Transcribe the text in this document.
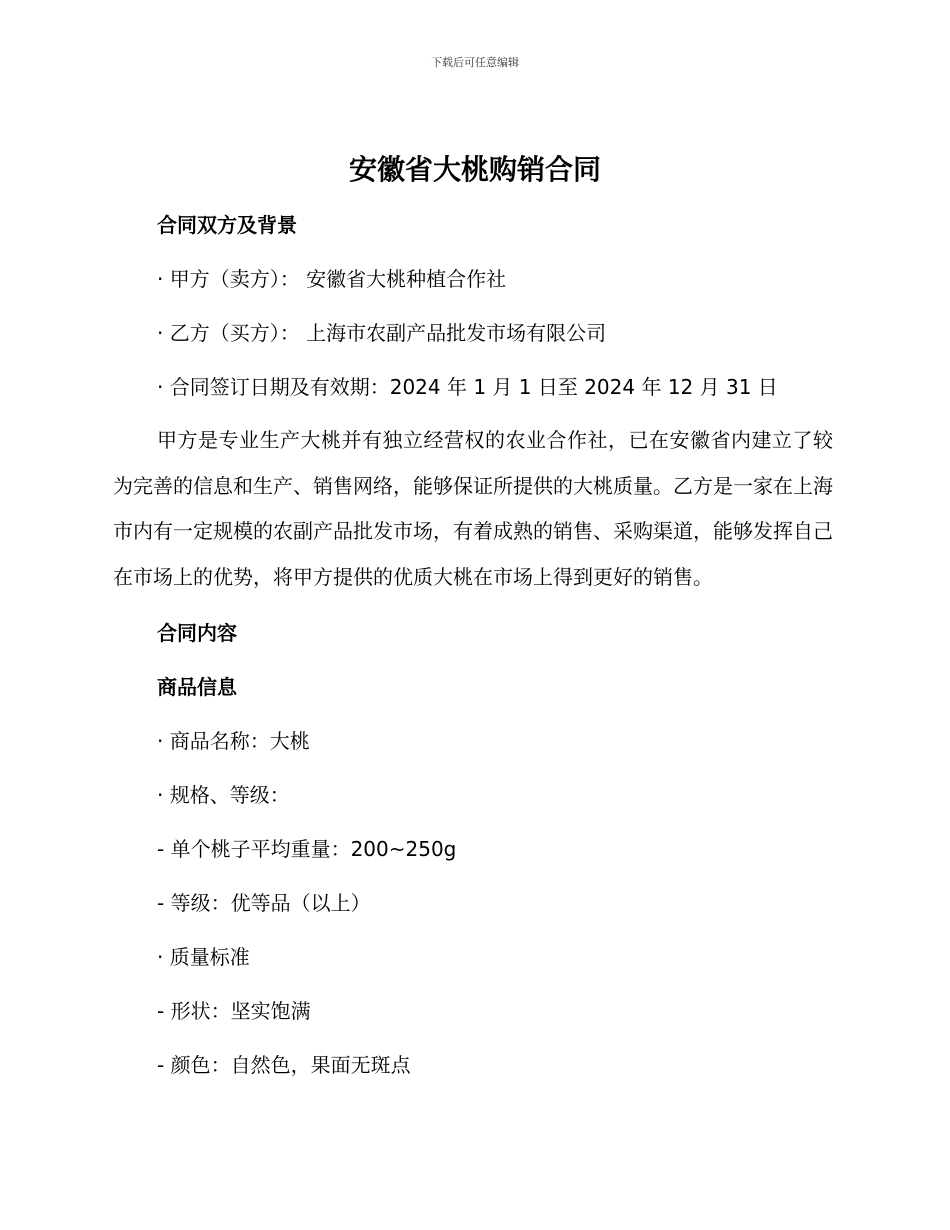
下载后可任意编辑
安徽省大桃购销合同
合同双方及背景
· 甲方（卖方）： 安徽省大桃种植合作社
· 乙方（买方）： 上海市农副产品批发市场有限公司
· 合同签订日期及有效期：2024 年 1 月 1 日至 2024 年 12 月 31 日
甲方是专业生产大桃并有独立经营权的农业合作社，已在安徽省内建立了较为完善的信息和生产、销售网络，能够保证所提供的大桃质量。乙方是一家在上海市内有一定规模的农副产品批发市场，有着成熟的销售、采购渠道，能够发挥自己在市场上的优势，将甲方提供的优质大桃在市场上得到更好的销售。
合同内容
商品信息
· 商品名称：大桃
· 规格、等级：
- 单个桃子平均重量：200~250g
- 等级：优等品（以上）
· 质量标准
- 形状：坚实饱满
- 颜色：自然色，果面无斑点
